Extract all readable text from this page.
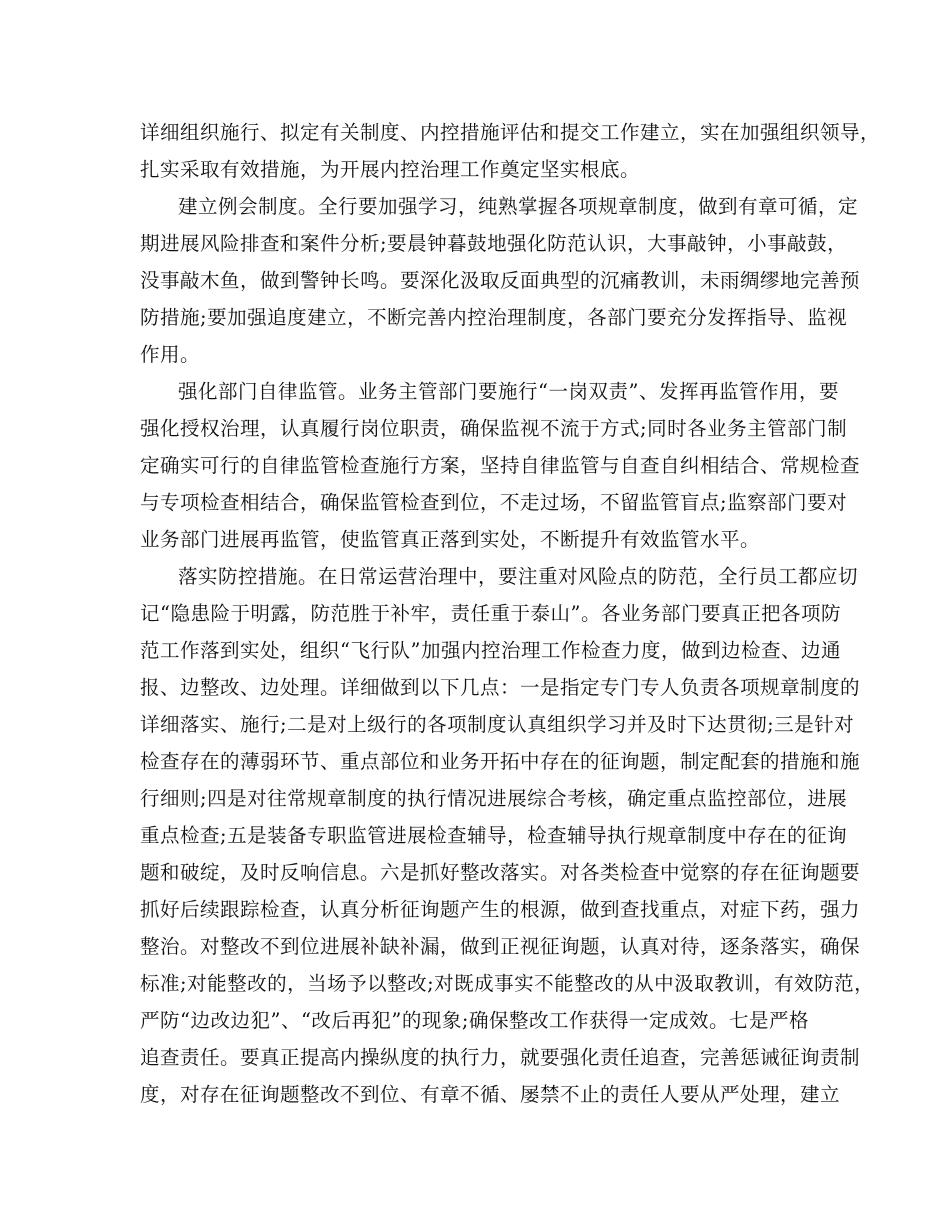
详细组织施行、拟定有关制度、内控措施评估和提交工作建立，实在加强组织领导，
扎实采取有效措施，为开展内控治理工作奠定坚实根底。
建立例会制度。全行要加强学习，纯熟掌握各项规章制度，做到有章可循，定
期进展风险排查和案件分析;要晨钟暮鼓地强化防范认识，大事敲钟，小事敲鼓，
没事敲木鱼，做到警钟长鸣。要深化汲取反面典型的沉痛教训，未雨绸缪地完善预
防措施;要加强追度建立，不断完善内控治理制度，各部门要充分发挥指导、监视
作用。
强化部门自律监管。业务主管部门要施行“一岗双责”、发挥再监管作用，要
强化授权治理，认真履行岗位职责，确保监视不流于方式;同时各业务主管部门制
定确实可行的自律监管检查施行方案，坚持自律监管与自查自纠相结合、常规检查
与专项检查相结合，确保监管检查到位，不走过场，不留监管盲点;监察部门要对
业务部门进展再监管，使监管真正落到实处，不断提升有效监管水平。
落实防控措施。在日常运营治理中，要注重对风险点的防范，全行员工都应切
记“隐患险于明露，防范胜于补牢，责任重于泰山”。各业务部门要真正把各项防
范工作落到实处，组织“飞行队”加强内控治理工作检查力度，做到边检查、边通
报、边整改、边处理。详细做到以下几点：一是指定专门专人负责各项规章制度的
详细落实、施行;二是对上级行的各项制度认真组织学习并及时下达贯彻;三是针对
检查存在的薄弱环节、重点部位和业务开拓中存在的征询题，制定配套的措施和施
行细则;四是对往常规章制度的执行情况进展综合考核，确定重点监控部位，进展
重点检查;五是装备专职监管进展检查辅导，检查辅导执行规章制度中存在的征询
题和破绽，及时反响信息。六是抓好整改落实。对各类检查中觉察的存在征询题要
抓好后续跟踪检查，认真分析征询题产生的根源，做到查找重点，对症下药，强力
整治。对整改不到位进展补缺补漏，做到正视征询题，认真对待，逐条落实，确保
标准;对能整改的，当场予以整改;对既成事实不能整改的从中汲取教训，有效防范，
严防“边改边犯”、“改后再犯”的现象;确保整改工作获得一定成效。七是严格
追查责任。要真正提高内操纵度的执行力，就要强化责任追查，完善惩诫征询责制
度，对存在征询题整改不到位、有章不循、屡禁不止的责任人要从严处理，建立
